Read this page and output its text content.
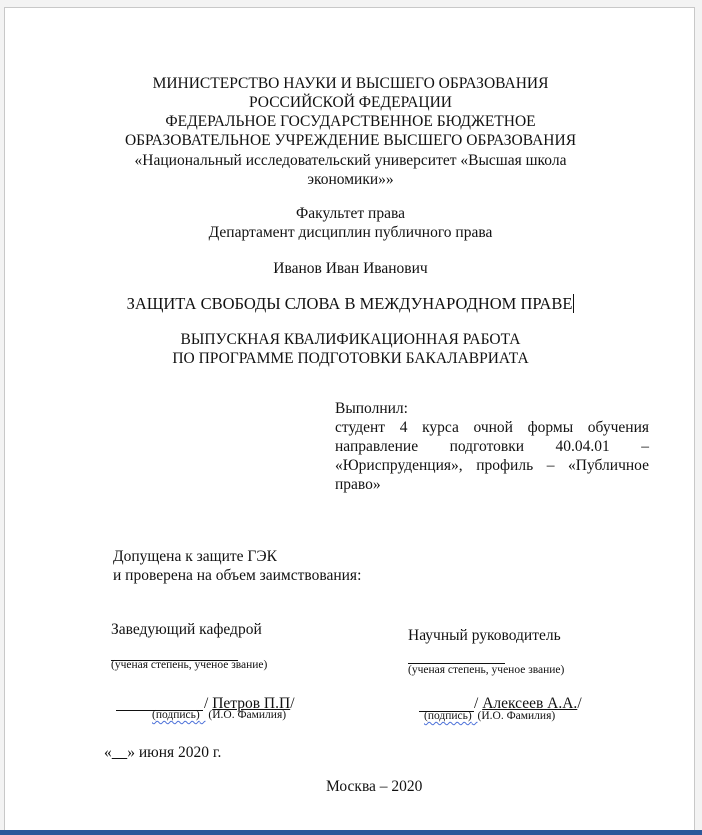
МИНИСТЕРСТВО НАУКИ И ВЫСШЕГО ОБРАЗОВАНИЯ
РОССИЙСКОЙ ФЕДЕРАЦИИ
ФЕДЕРАЛЬНОЕ ГОСУДАРСТВЕННОЕ БЮДЖЕТНОЕ
ОБРАЗОВАТЕЛЬНОЕ УЧРЕЖДЕНИЕ ВЫСШЕГО ОБРАЗОВАНИЯ
«Национальный исследовательский университет «Высшая школа
экономики»»
Факультет права
Департамент дисциплин публичного права
Иванов Иван Иванович
ЗАЩИТА СВОБОДЫ СЛОВА В МЕЖДУНАРОДНОМ ПРАВЕ
ВЫПУСКНАЯ КВАЛИФИКАЦИОННАЯ РАБОТА
ПО ПРОГРАММЕ ПОДГОТОВКИ БАКАЛАВРИАТА
Выполнил:
студент 4 курса очной формы обучения направление подготовки 40.04.01 – «Юриспруденция», профиль – «Публичное право»
Допущена к защите ГЭК
и проверена на объем заимствования:
Заведующий кафедрой
(ученая степень, ученое звание)
/ Петров П.П/
(подпись) (И.О. Фамилия)
Научный руководитель
(ученая степень, ученое звание)
/ Алексеев А.А./
(подпись) (И.О. Фамилия)
« » июня 2020 г.
Москва – 2020
